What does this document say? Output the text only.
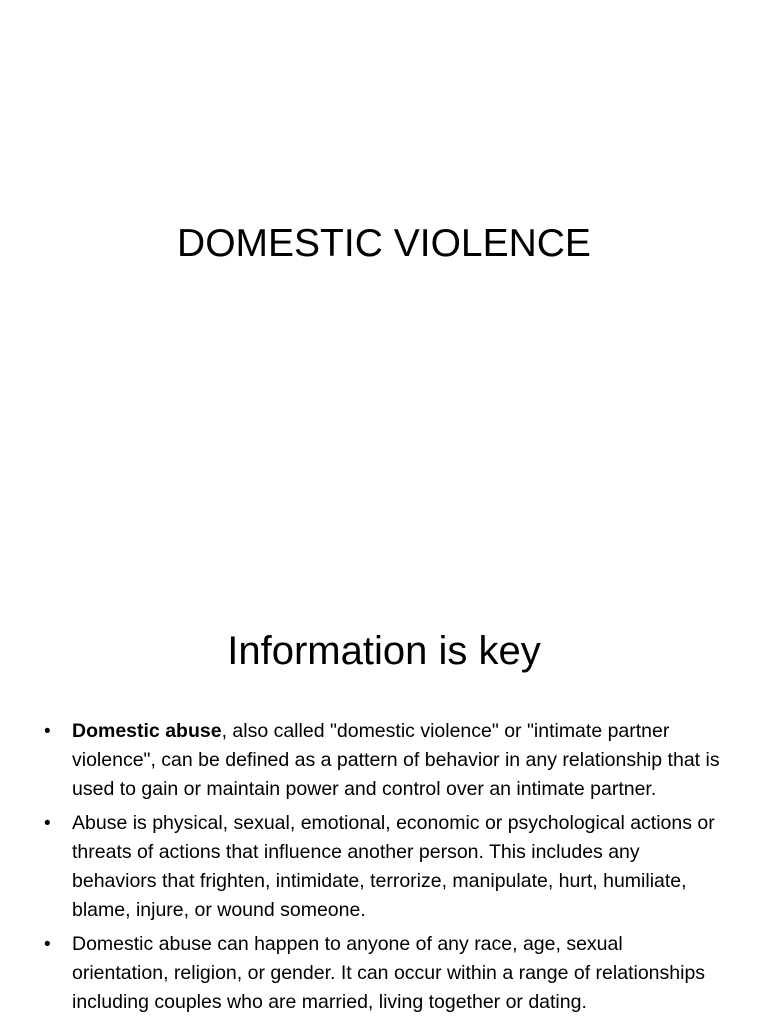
DOMESTIC VIOLENCE
Information is key
• Domestic abuse, also called "domestic violence" or "intimate partner violence", can be defined as a pattern of behavior in any relationship that is used to gain or maintain power and control over an intimate partner.
• Abuse is physical, sexual, emotional, economic or psychological actions or threats of actions that influence another person. This includes any behaviors that frighten, intimidate, terrorize, manipulate, hurt, humiliate, blame, injure, or wound someone.
• Domestic abuse can happen to anyone of any race, age, sexual orientation, religion, or gender. It can occur within a range of relationships including couples who are married, living together or dating.
